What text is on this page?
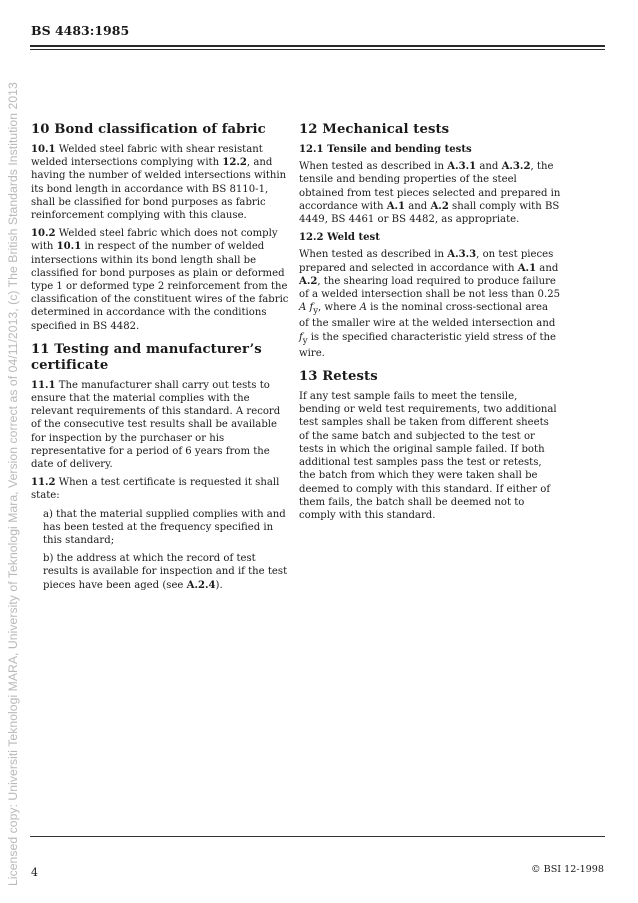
Licensed copy: Universiti Teknologi MARA, University of Teknologi Mara, Version correct as of 04/11/2013, (c) The British Standards Institution 2013
BS 4483:1985
10 Bond classification of fabric

10.1 Welded steel fabric with shear resistant welded intersections complying with 12.2, and having the number of welded intersections within its bond length in accordance with BS 8110-1, shall be classified for bond purposes as fabric reinforcement complying with this clause.

10.2 Welded steel fabric which does not comply with 10.1 in respect of the number of welded intersections within its bond length shall be classified for bond purposes as plain or deformed type 1 or deformed type 2 reinforcement from the classification of the constituent wires of the fabric determined in accordance with the conditions specified in BS 4482.

11 Testing and manufacturer’s certificate

11.1 The manufacturer shall carry out tests to ensure that the material complies with the relevant requirements of this standard. A record of the consecutive test results shall be available for inspection by the purchaser or his representative for a period of 6 years from the date of delivery.

11.2 When a test certificate is requested it shall state:

a) that the material supplied complies with and has been tested at the frequency specified in this standard;

b) the address at which the record of test results is available for inspection and if the test pieces have been aged (see A.2.4).

12 Mechanical tests

12.1 Tensile and bending tests

When tested as described in A.3.1 and A.3.2, the tensile and bending properties of the steel obtained from test pieces selected and prepared in accordance with A.1 and A.2 shall comply with BS 4449, BS 4461 or BS 4482, as appropriate.

12.2 Weld test

When tested as described in A.3.3, on test pieces prepared and selected in accordance with A.1 and A.2, the shearing load required to produce failure of a welded intersection shall be not less than 0.25 A $f_y$, where A is the nominal cross-sectional area of the smaller wire at the welded intersection and $f_y$ is the specified characteristic yield stress of the wire.

13 Retests

If any test sample fails to meet the tensile, bending or weld test requirements, two additional test samples shall be taken from different sheets of the same batch and subjected to the test or tests in which the original sample failed. If both additional test samples pass the test or retests, the batch from which they were taken shall be deemed to comply with this standard. If either of them fails, the batch shall be deemed not to comply with this standard.

4	© BSI 12-1998
